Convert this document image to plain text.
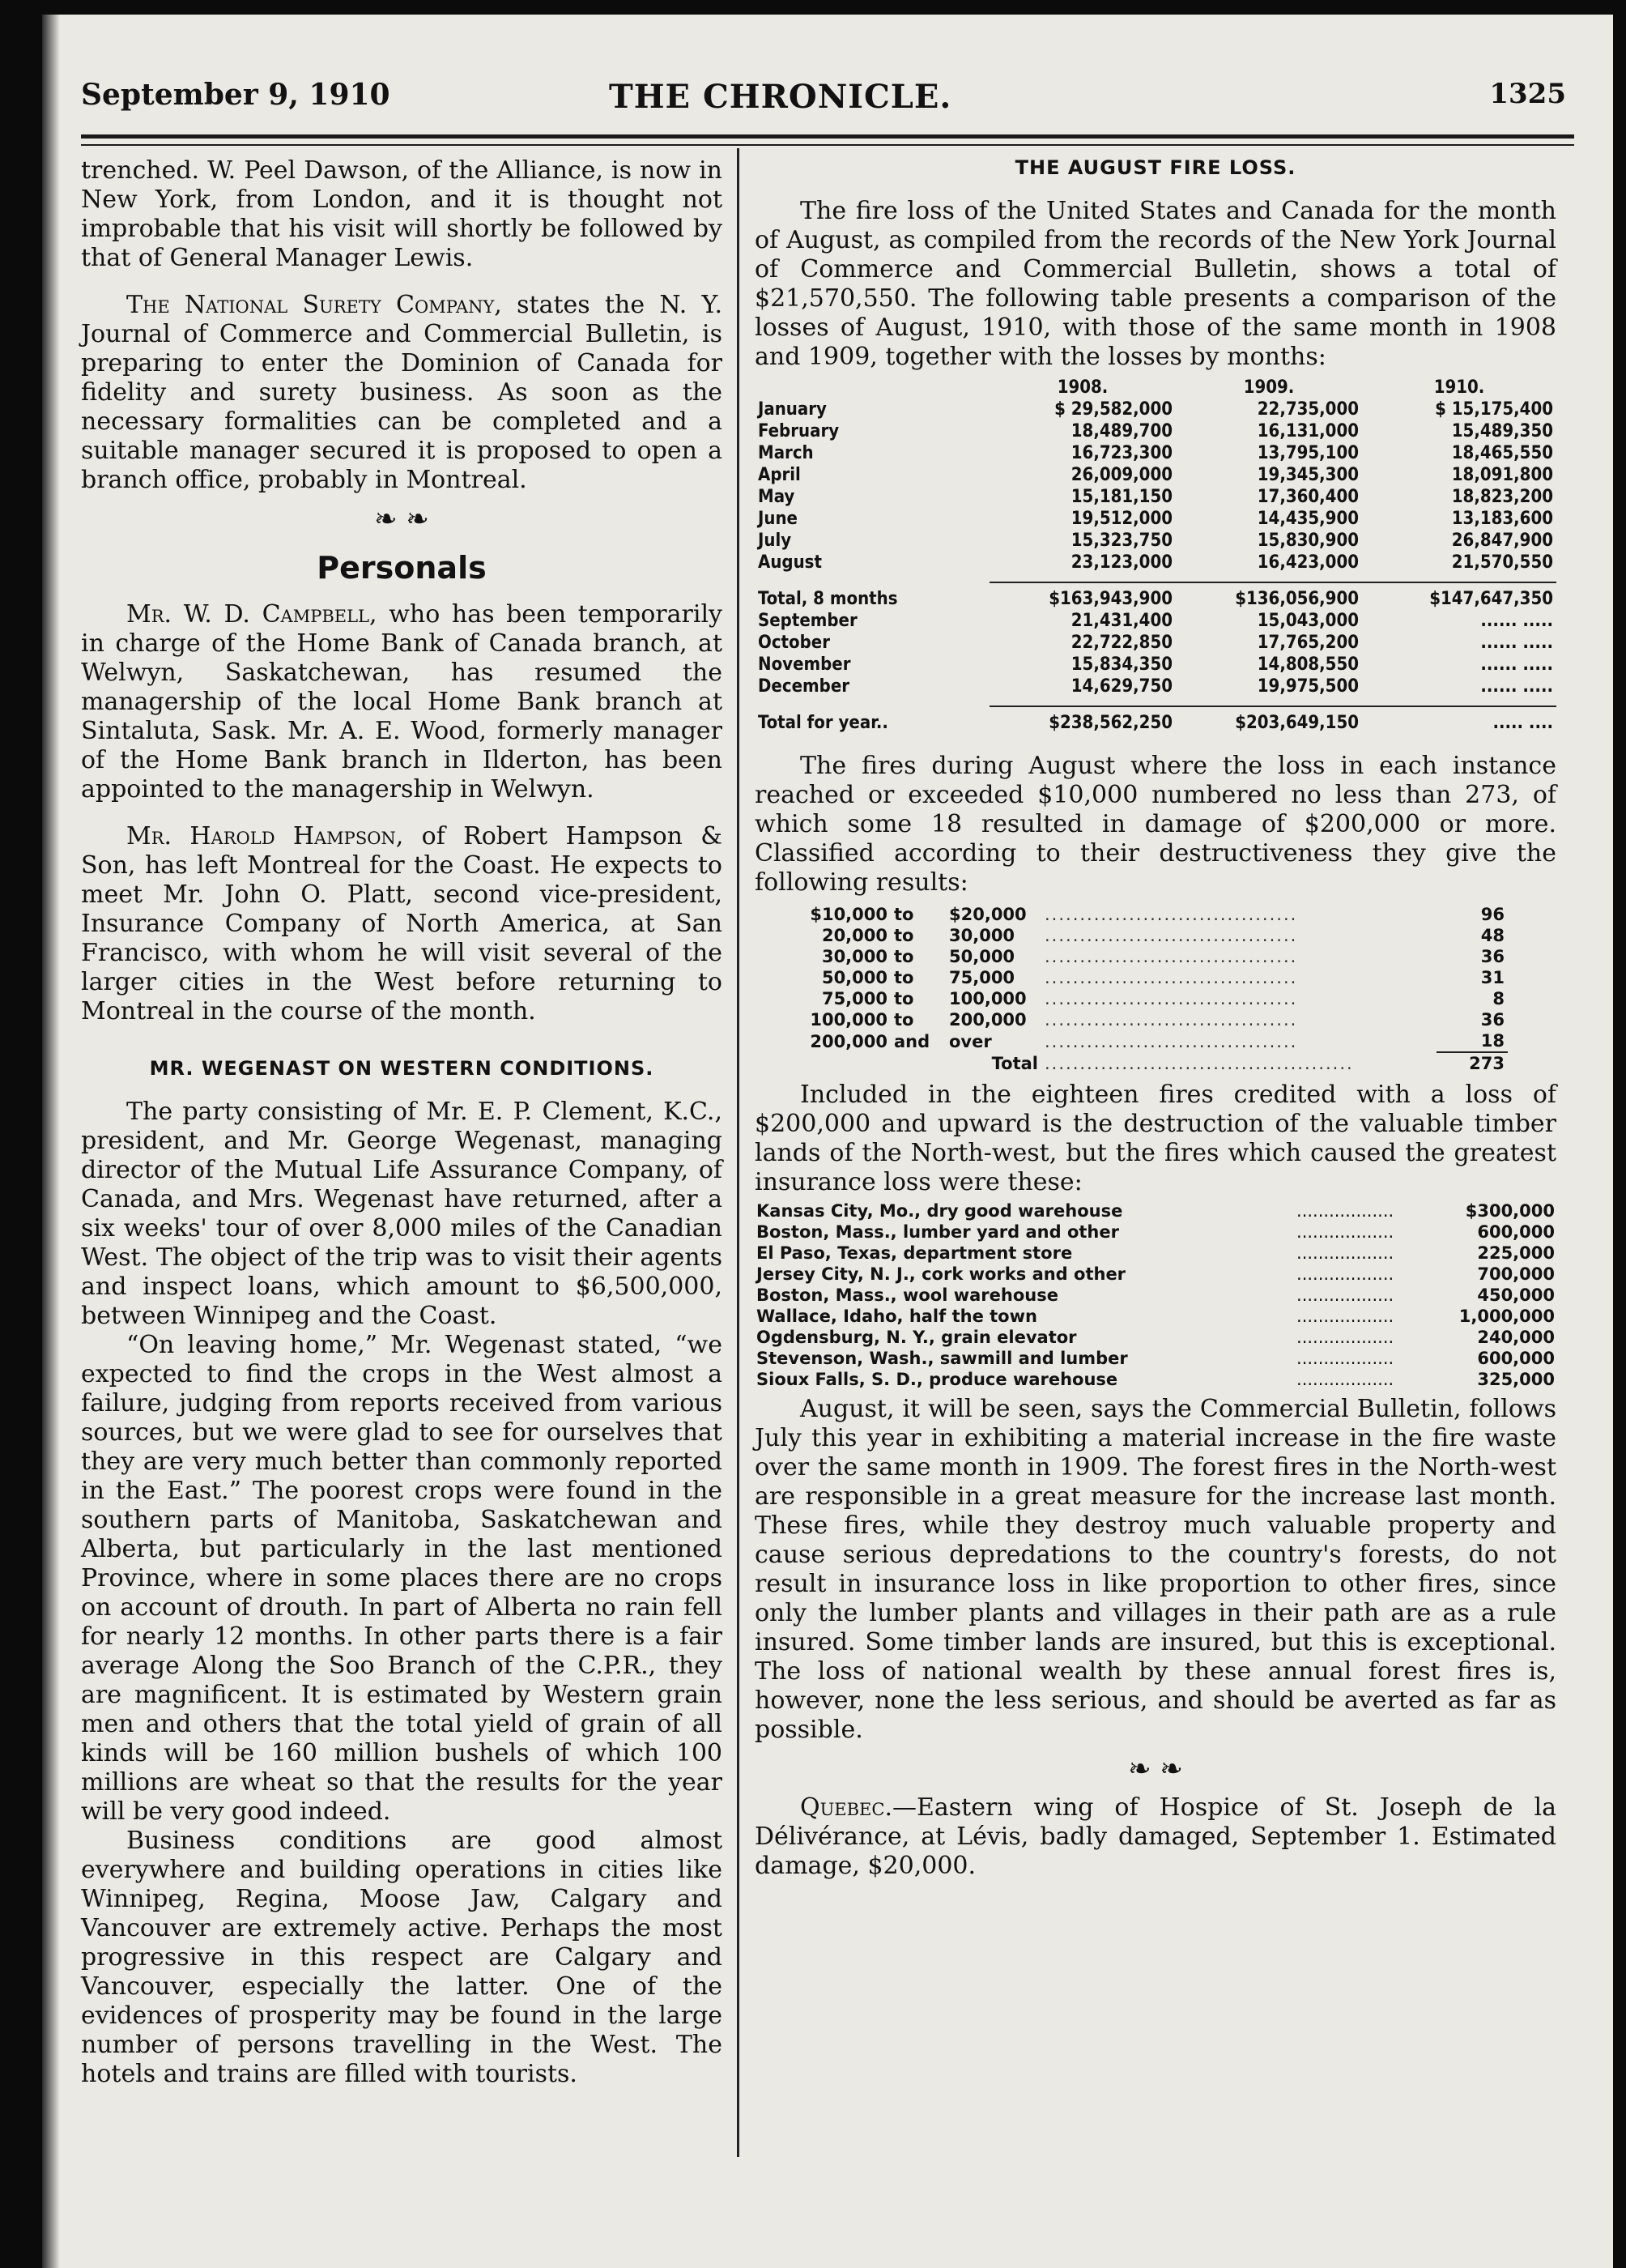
September 9, 1910	THE CHRONICLE.	1325

trenched. W. Peel Dawson, of the Alliance, is now in New York, from London, and it is thought not improbable that his visit will shortly be followed by that of General Manager Lewis.

The National Surety Company, states the N. Y. Journal of Commerce and Commercial Bulletin, is preparing to enter the Dominion of Canada for fidelity and surety business. As soon as the necessary formalities can be completed and a suitable manager secured it is proposed to open a branch office, probably in Montreal.

❧ ❧
Personals

Mr. W. D. Campbell, who has been temporarily in charge of the Home Bank of Canada branch, at Welwyn, Saskatchewan, has resumed the managership of the local Home Bank branch at Sintaluta, Sask. Mr. A. E. Wood, formerly manager of the Home Bank branch in Ilderton, has been appointed to the managership in Welwyn.

Mr. Harold Hampson, of Robert Hampson & Son, has left Montreal for the Coast. He expects to meet Mr. John O. Platt, second vice-president, Insurance Company of North America, at San Francisco, with whom he will visit several of the larger cities in the West before returning to Montreal in the course of the month.

MR. WEGENAST ON WESTERN CONDITIONS.

The party consisting of Mr. E. P. Clement, K.C., president, and Mr. George Wegenast, managing director of the Mutual Life Assurance Company, of Canada, and Mrs. Wegenast have returned, after a six weeks' tour of over 8,000 miles of the Canadian West. The object of the trip was to visit their agents and inspect loans, which amount to $6,500,000, between Winnipeg and the Coast.

“On leaving home,” Mr. Wegenast stated, “we expected to find the crops in the West almost a failure, judging from reports received from various sources, but we were glad to see for ourselves that they are very much better than commonly reported in the East.” The poorest crops were found in the southern parts of Manitoba, Saskatchewan and Alberta, but particularly in the last mentioned Province, where in some places there are no crops on account of drouth. In part of Alberta no rain fell for nearly 12 months. In other parts there is a fair average Along the Soo Branch of the C.P.R., they are magnificent. It is estimated by Western grain men and others that the total yield of grain of all kinds will be 160 million bushels of which 100 millions are wheat so that the results for the year will be very good indeed.

Business conditions are good almost everywhere and building operations in cities like Winnipeg, Regina, Moose Jaw, Calgary and Vancouver are extremely active. Perhaps the most progressive in this respect are Calgary and Vancouver, especially the latter. One of the evidences of prosperity may be found in the large number of persons travelling in the West. The hotels and trains are filled with tourists.

THE AUGUST FIRE LOSS.

The fire loss of the United States and Canada for the month of August, as compiled from the records of the New York Journal of Commerce and Commercial Bulletin, shows a total of $21,570,550. The following table presents a comparison of the losses of August, 1910, with those of the same month in 1908 and 1909, together with the losses by months:

	1908.	1909.	1910.
January	$ 29,582,000	22,735,000	$ 15,175,400
February	18,489,700	16,131,000	15,489,350
March	16,723,300	13,795,100	18,465,550
April	26,009,000	19,345,300	18,091,800
May	15,181,150	17,360,400	18,823,200
June	19,512,000	14,435,900	13,183,600
July	15,323,750	15,830,900	26,847,900
August	23,123,000	16,423,000	21,570,550

Total, 8 months	$163,943,900	$136,056,900	$147,647,350
September	21,431,400	15,043,000	...... .....
October	22,722,850	17,765,200	...... .....
November	15,834,350	14,808,550	...... .....
December	14,629,750	19,975,500	...... .....

Total for year..	$238,562,250	$203,649,150	..... ....

The fires during August where the loss in each instance reached or exceeded $10,000 numbered no less than 273, of which some 18 resulted in damage of $200,000 or more. Classified according to their destructiveness they give the following results:

$10,000	to	$20,000	....................................	96
20,000	to	30,000	....................................	48
30,000	to	50,000	....................................	36
50,000	to	75,000	....................................	31
75,000	to	100,000	....................................	8
100,000	to	200,000	....................................	36
200,000	and	over	....................................	18
		Total	............................................	273

Included in the eighteen fires credited with a loss of $200,000 and upward is the destruction of the valuable timber lands of the North-west, but the fires which caused the greatest insurance loss were these:

Kansas City, Mo., dry good warehouse	..................	$300,000
Boston, Mass., lumber yard and other	..................	600,000
El Paso, Texas, department store	..................	225,000
Jersey City, N. J., cork works and other	..................	700,000
Boston, Mass., wool warehouse	..................	450,000
Wallace, Idaho, half the town	..................	1,000,000
Ogdensburg, N. Y., grain elevator	..................	240,000
Stevenson, Wash., sawmill and lumber	..................	600,000
Sioux Falls, S. D., produce warehouse	..................	325,000

August, it will be seen, says the Commercial Bulletin, follows July this year in exhibiting a material increase in the fire waste over the same month in 1909. The forest fires in the North-west are responsible in a great measure for the increase last month. These fires, while they destroy much valuable property and cause serious depredations to the country's forests, do not result in insurance loss in like proportion to other fires, since only the lumber plants and villages in their path are as a rule insured. Some timber lands are insured, but this is exceptional. The loss of national wealth by these annual forest fires is, however, none the less serious, and should be averted as far as possible.

❧ ❧

Quebec.—Eastern wing of Hospice of St. Joseph de la Délivérance, at Lévis, badly damaged, September 1. Estimated damage, $20,000.
